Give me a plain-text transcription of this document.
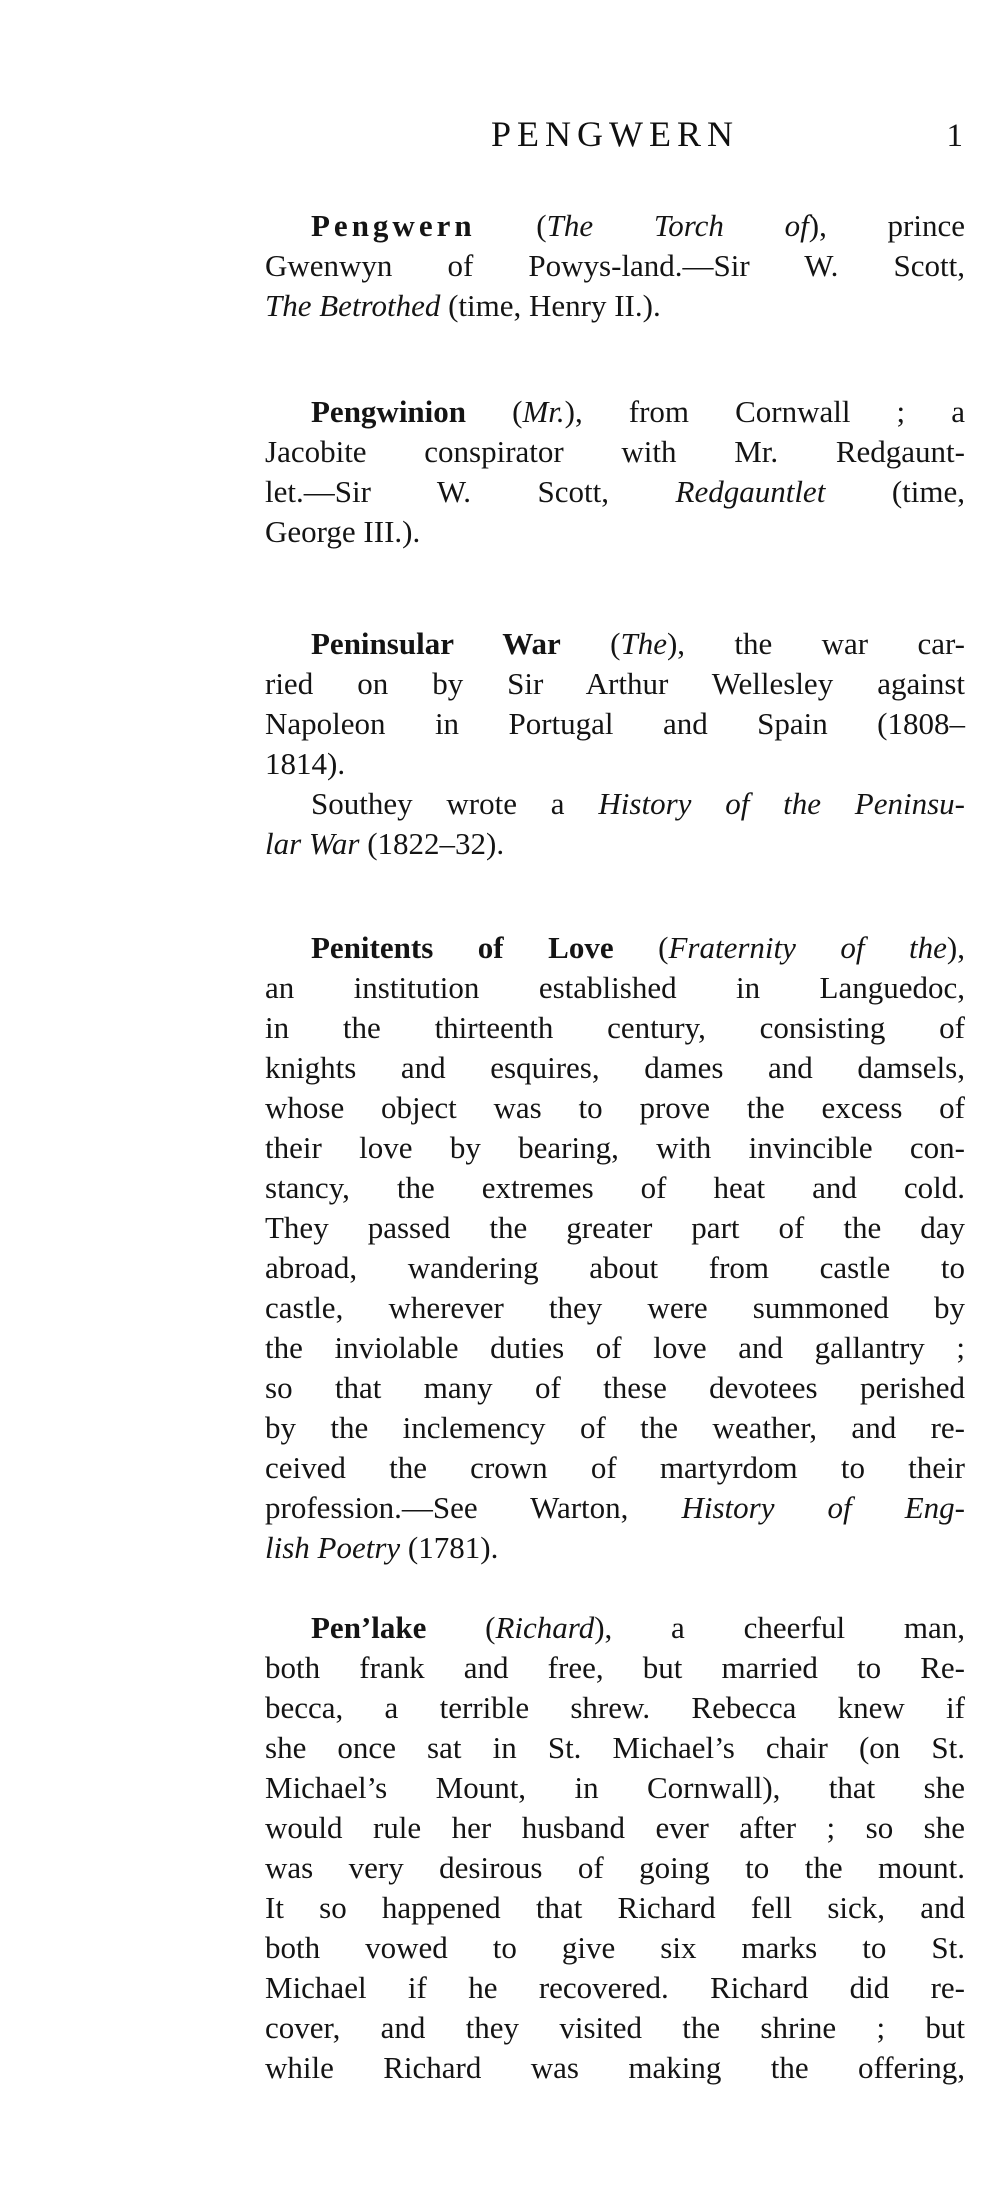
PENGWERN	1
Pengwern (The Torch of), prince
Gwenwyn of Powys-land.—Sir W. Scott,
The Betrothed (time, Henry II.).
Pengwinion (Mr.), from Cornwall ; a
Jacobite conspirator with Mr. Redgaunt-
let.—Sir W. Scott, Redgauntlet (time,
George III.).
Peninsular War (The), the war car-
ried on by Sir Arthur Wellesley against
Napoleon in Portugal and Spain (1808–
1814).
Southey wrote a History of the Peninsu-
lar War (1822–32).
Penitents of Love (Fraternity of the),
an institution established in Languedoc,
in the thirteenth century, consisting of
knights and esquires, dames and damsels,
whose object was to prove the excess of
their love by bearing, with invincible con-
stancy, the extremes of heat and cold.
They passed the greater part of the day
abroad, wandering about from castle to
castle, wherever they were summoned by
the inviolable duties of love and gallantry ;
so that many of these devotees perished
by the inclemency of the weather, and re-
ceived the crown of martyrdom to their
profession.—See Warton, History of Eng-
lish Poetry (1781).
Pen’lake (Richard), a cheerful man,
both frank and free, but married to Re-
becca, a terrible shrew. Rebecca knew if
she once sat in St. Michael’s chair (on St.
Michael’s Mount, in Cornwall), that she
would rule her husband ever after ; so she
was very desirous of going to the mount.
It so happened that Richard fell sick, and
both vowed to give six marks to St.
Michael if he recovered. Richard did re-
cover, and they visited the shrine ; but
while Richard was making the offering,
